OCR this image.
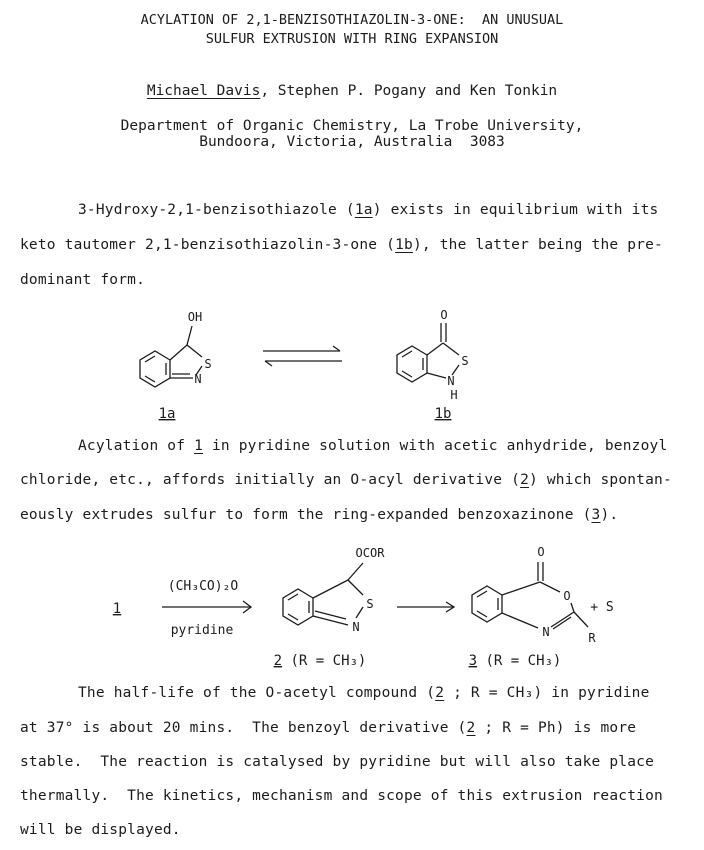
ACYLATION OF 2,1-BENZISOTHIAZOLIN-3-ONE:  AN UNUSUAL
SULFUR EXTRUSION WITH RING EXPANSION
Michael Davis, Stephen P. Pogany and Ken Tonkin
Department of Organic Chemistry, La Trobe University,
Bundoora, Victoria, Australia  3083
3-Hydroxy-2,1-benzisothiazole (1a) exists in equilibrium with its
keto tautomer 2,1-benzisothiazolin-3-one (1b), the latter being the pre-
dominant form.
Acylation of 1 in pyridine solution with acetic anhydride, benzoyl
chloride, etc., affords initially an O-acyl derivative (2) which spontan-
eously extrudes sulfur to form the ring-expanded benzoxazinone (3).
The half-life of the O-acetyl compound (2 ; R = CH₃) in pyridine
at 37° is about 20 mins.  The benzoyl derivative (2 ; R = Ph) is more
stable.  The reaction is catalysed by pyridine but will also take place
thermally.  The kinetics, mechanism and scope of this extrusion reaction
will be displayed.
OH
S
N
1a
O
S
N
H
1b
1
(CH₃CO)₂O
pyridine
OCOR
S
N
2 (R = CH₃)
O
O
N	R
+ S
3 (R = CH₃)
